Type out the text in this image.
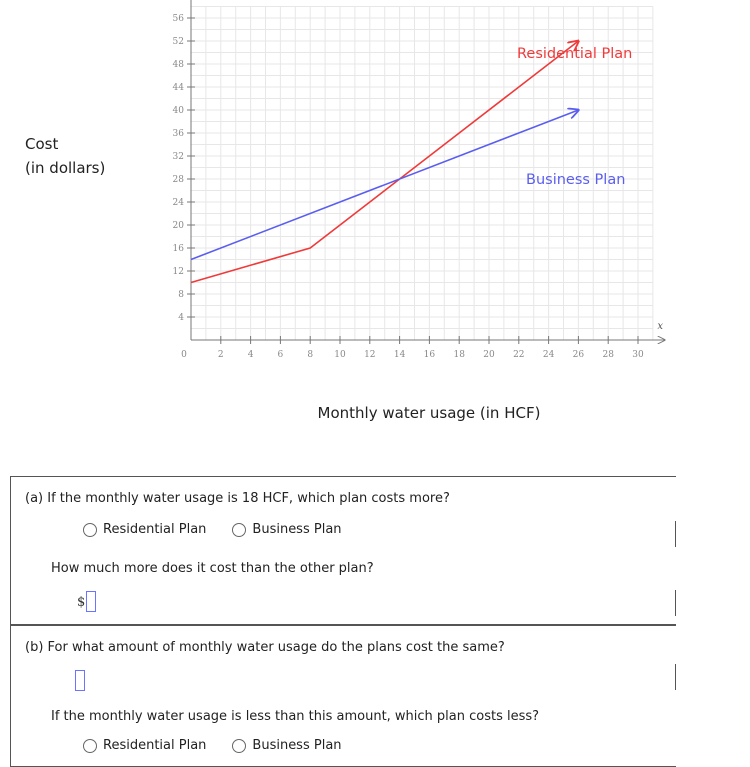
Cost
(in dollars)
2	4	6	8 10 12 14 16 18 20 22 24 26 28 30
0
4
8
12
16
20
24
28
32
36
40
44
48
52
56
x
Residential Plan
Business Plan
Monthly water usage (in HCF)
(a) If the monthly water usage is 18 HCF, which plan costs more?
Residential Plan	Business Plan
How much more does it cost than the other plan?
$
(b) For what amount of monthly water usage do the plans cost the same?
If the monthly water usage is less than this amount, which plan costs less?
Residential Plan	Business Plan
